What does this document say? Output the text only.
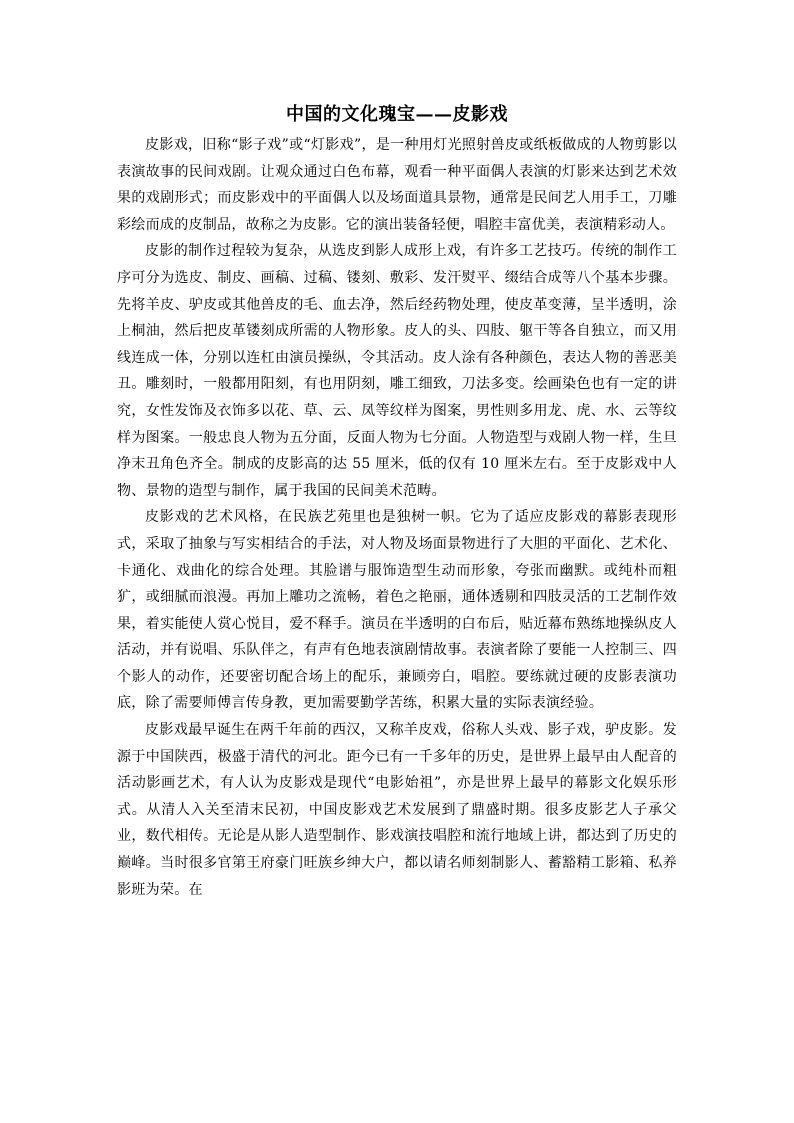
中国的文化瑰宝——皮影戏

皮影戏，旧称“影子戏”或“灯影戏”，是一种用灯光照射兽皮或纸板做成的人物剪影以表演故事的民间戏剧。让观众通过白色布幕，观看一种平面偶人表演的灯影来达到艺术效果的戏剧形式；而皮影戏中的平面偶人以及场面道具景物，通常是民间艺人用手工，刀雕彩绘而成的皮制品，故称之为皮影。它的演出装备轻便，唱腔丰富优美，表演精彩动人。

皮影的制作过程较为复杂，从选皮到影人成形上戏，有许多工艺技巧。传统的制作工序可分为选皮、制皮、画稿、过稿、镂刻、敷彩、发汗熨平、缀结合成等八个基本步骤。先将羊皮、驴皮或其他兽皮的毛、血去净，然后经药物处理，使皮革变薄，呈半透明，涂上桐油，然后把皮革镂刻成所需的人物形象。皮人的头、四肢、躯干等各自独立，而又用线连成一体，分别以连杠由演员操纵，令其活动。皮人涂有各种颜色，表达人物的善恶美丑。雕刻时，一般都用阳刻，有也用阴刻，雕工细致，刀法多变。绘画染色也有一定的讲究，女性发饰及衣饰多以花、草、云、凤等纹样为图案，男性则多用龙、虎、水、云等纹样为图案。一般忠良人物为五分面，反面人物为七分面。人物造型与戏剧人物一样，生旦净末丑角色齐全。制成的皮影高的达 55 厘米，低的仅有 10 厘米左右。至于皮影戏中人物、景物的造型与制作，属于我国的民间美术范畴。

皮影戏的艺术风格，在民族艺苑里也是独树一帜。它为了适应皮影戏的幕影表现形式，采取了抽象与写实相结合的手法，对人物及场面景物进行了大胆的平面化、艺术化、卡通化、戏曲化的综合处理。其脸谱与服饰造型生动而形象，夸张而幽默。或纯朴而粗犷，或细腻而浪漫。再加上雕功之流畅，着色之艳丽，通体透剔和四肢灵活的工艺制作效果，着实能使人赏心悦目，爱不释手。演员在半透明的白布后，贴近幕布熟练地操纵皮人活动，并有说唱、乐队伴之，有声有色地表演剧情故事。表演者除了要能一人控制三、四个影人的动作，还要密切配合场上的配乐，兼顾旁白，唱腔。要练就过硬的皮影表演功底，除了需要师傅言传身教，更加需要勤学苦练，积累大量的实际表演经验。

皮影戏最早诞生在两千年前的西汉，又称羊皮戏，俗称人头戏、影子戏，驴皮影。发源于中国陕西，极盛于清代的河北。距今已有一千多年的历史，是世界上最早由人配音的 活动影画艺术，有人认为皮影戏是现代“电影始祖”，亦是世界上最早的幕影文化娱乐形式。从清人入关至清末民初，中国皮影戏艺术发展到了鼎盛时期。很多皮影艺人子承父业，数代相传。无论是从影人造型制作、影戏演技唱腔和流行地域上讲，都达到了历史的巅峰。当时很多官第王府豪门旺族乡绅大户，都以请名师刻制影人、蓄豁精工影箱、私养影班为荣。在
